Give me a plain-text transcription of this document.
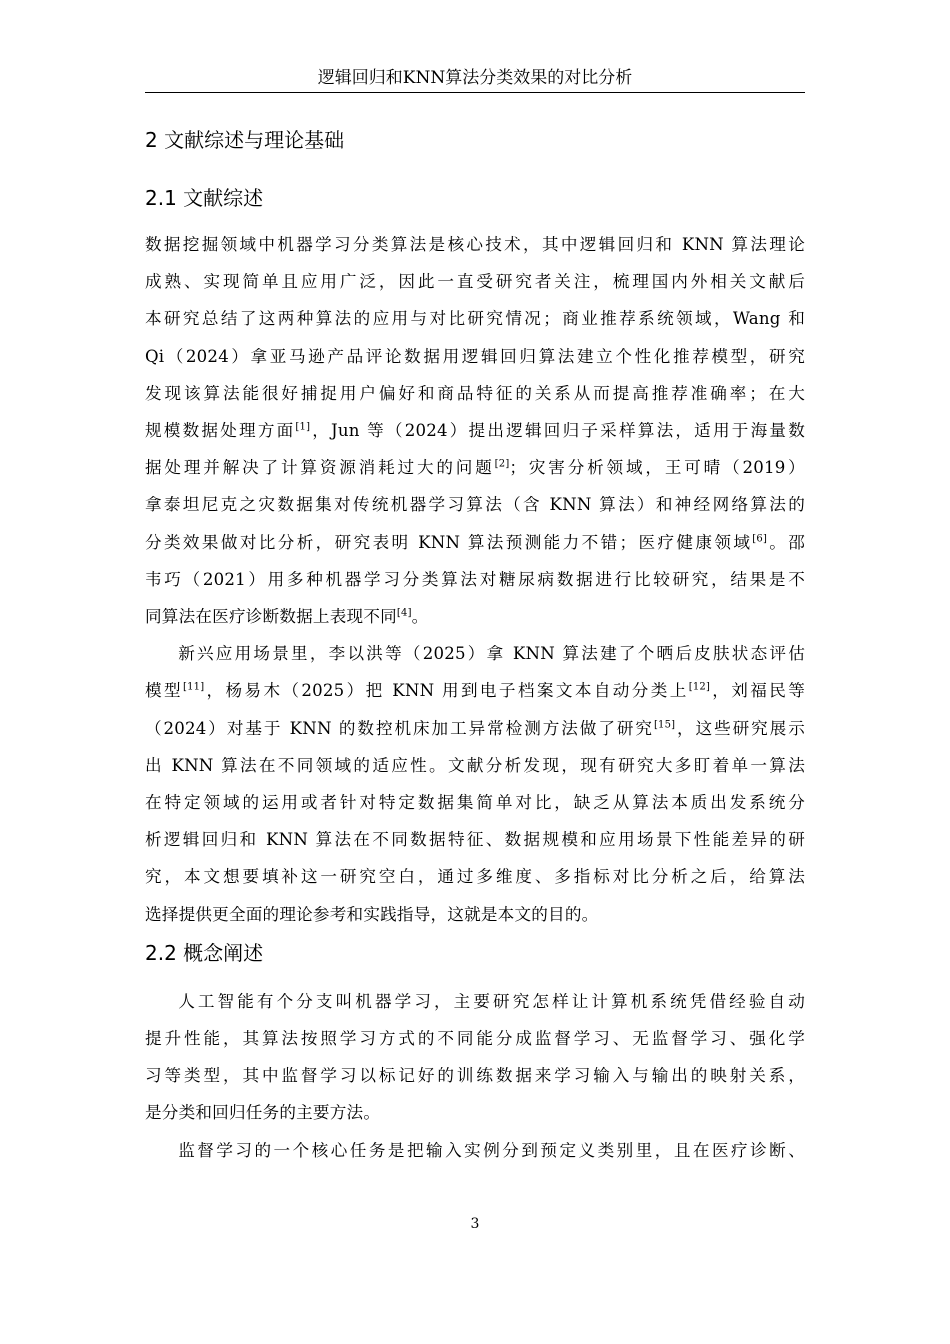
逻辑回归和KNN算法分类效果的对比分析
2 文献综述与理论基础
2.1 文献综述

数据挖掘领域中机器学习分类算法是核心技术，其中逻辑回归和 KNN 算法理论
成熟、实现简单且应用广泛，因此一直受研究者关注，梳理国内外相关文献后
本研究总结了这两种算法的应用与对比研究情况；商业推荐系统领域，Wang 和
Qi（2024）拿亚马逊产品评论数据用逻辑回归算法建立个性化推荐模型，研究
发现该算法能很好捕捉用户偏好和商品特征的关系从而提高推荐准确率；在大
规模数据处理方面[1]，Jun 等（2024）提出逻辑回归子采样算法，适用于海量数
据处理并解决了计算资源消耗过大的问题[2]；灾害分析领域，王可晴（2019）
拿泰坦尼克之灾数据集对传统机器学习算法（含 KNN 算法）和神经网络算法的
分类效果做对比分析，研究表明 KNN 算法预测能力不错；医疗健康领域[6]。邵
韦巧（2021）用多种机器学习分类算法对糖尿病数据进行比较研究，结果是不
同算法在医疗诊断数据上表现不同[4]。

新兴应用场景里，李以洪等（2025）拿 KNN 算法建了个晒后皮肤状态评估
模型[11]，杨易木（2025）把 KNN 用到电子档案文本自动分类上[12]，刘福民等
（2024）对基于 KNN 的数控机床加工异常检测方法做了研究[15]，这些研究展示
出 KNN 算法在不同领域的适应性。文献分析发现，现有研究大多盯着单一算法
在特定领域的运用或者针对特定数据集简单对比，缺乏从算法本质出发系统分
析逻辑回归和 KNN 算法在不同数据特征、数据规模和应用场景下性能差异的研
究，本文想要填补这一研究空白，通过多维度、多指标对比分析之后，给算法
选择提供更全面的理论参考和实践指导，这就是本文的目的。

2.2 概念阐述

人工智能有个分支叫机器学习，主要研究怎样让计算机系统凭借经验自动
提升性能，其算法按照学习方式的不同能分成监督学习、无监督学习、强化学
习等类型，其中监督学习以标记好的训练数据来学习输入与输出的映射关系，
是分类和回归任务的主要方法。

监督学习的一个核心任务是把输入实例分到预定义类别里，且在医疗诊断、

3
